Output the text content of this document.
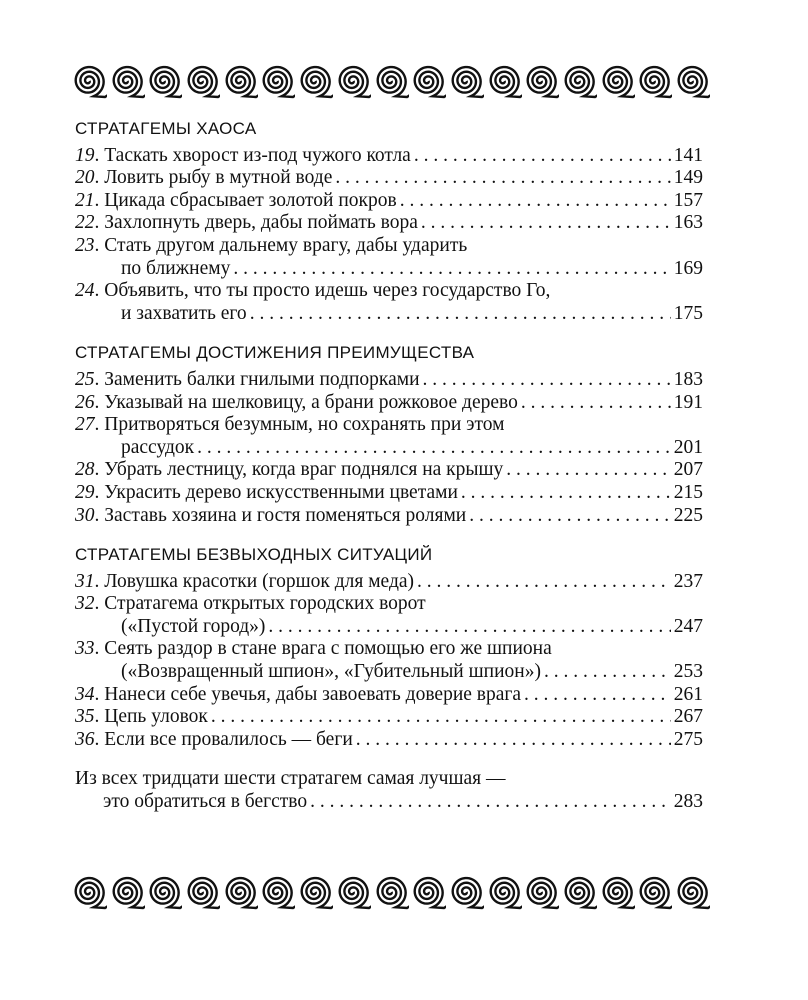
СТРАТАГЕМЫ ХАОСА
19 . Таскать хворост из-под чужого котла . . .	141
20 . Ловить рыбу в мутной воде . . .	149
21 . Цикада сбрасывает золотой покров . . .	157
22 . Захлопнуть дверь, дабы поймать вора . . .	163
23 . Стать другом дальнему врагу, дабы ударить
по ближнему . . .	169
24 . Объявить, что ты просто идешь через государство Го,
и захватить его . . .	175
СТРАТАГЕМЫ ДОСТИЖЕНИЯ ПРЕИМУЩЕСТВА
25 . Заменить балки гнилыми подпорками . . .	183
26 . Указывай на шелковицу, а брани рожковое дерево . . .	191
27 . Притворяться безумным, но сохранять при этом
рассудок . . .	201
28 . Убрать лестницу, когда враг поднялся на крышу . . .	207
29 . Украсить дерево искусственными цветами . . .	215
30 . Заставь хозяина и гостя поменяться ролями . . .	225
СТРАТАГЕМЫ БЕЗВЫХОДНЫХ СИТУАЦИЙ
31 . Ловушка красотки (горшок для меда) . . .	237
32 . Стратагема открытых городских ворот
(«Пустой город») . . .	247
33 . Сеять раздор в стане врага с помощью его же шпиона
(«Возвращенный шпион», «Губительный шпион») . . .	253
34 . Нанеси себе увечья, дабы завоевать доверие врага . . .	261
35 . Цепь уловок . . .	267
36 . Если все провалилось — беги . . .	275
Из всех тридцати шести стратагем самая лучшая —
это обратиться в бегство . . .	283
